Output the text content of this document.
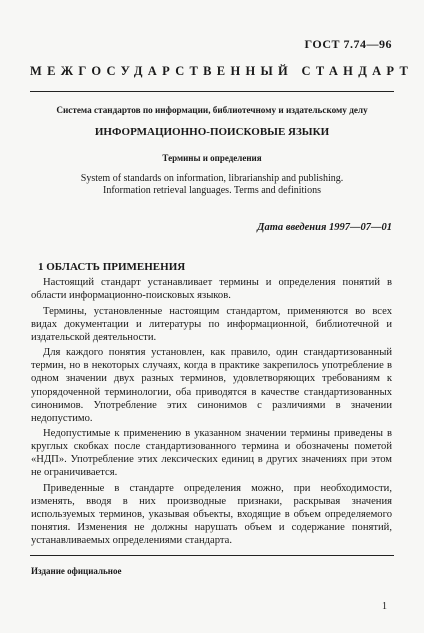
ГОСТ 7.74—96
МЕЖГОСУДАРСТВЕННЫЙ СТАНДАРТ
Система стандартов по информации, библиотечному и издательскому делу
ИНФОРМАЦИОННО-ПОИСКОВЫЕ ЯЗЫКИ
Термины и определения
System of standards on information, librarianship and publishing.
Information retrieval languages. Terms and definitions
Дата введения 1997—07—01
1 ОБЛАСТЬ ПРИМЕНЕНИЯ

Настоящий стандарт устанавливает термины и определения понятий в области информационно-поисковых языков.

Термины, установленные настоящим стандартом, применяются во всех видах документации и литературы по информационной, библиотечной и издательской деятельности.

Для каждого понятия установлен, как правило, один стандартизованный термин, но в некоторых случаях, когда в практике закрепилось употребление в одном значении двух разных терминов, удовлетворяющих требованиям к упорядоченной терминологии, оба приводятся в качестве стандартизованных синонимов. Употребление этих синонимов с различиями в значении недопустимо.

Недопустимые к применению в указанном значении термины приведены в круглых скобках после стандартизованного термина и обозначены пометой «НДП». Употребление этих лексических единиц в других значениях при этом не ограничивается.

Приведенные в стандарте определения можно, при необходимости, изменять, вводя в них производные признаки, раскрывая значения используемых терминов, указывая объекты, входящие в объем определяемого понятия. Изменения не должны нарушать объем и содержание понятий, устанавливаемых определениями стандарта.

Издание официальное
1
